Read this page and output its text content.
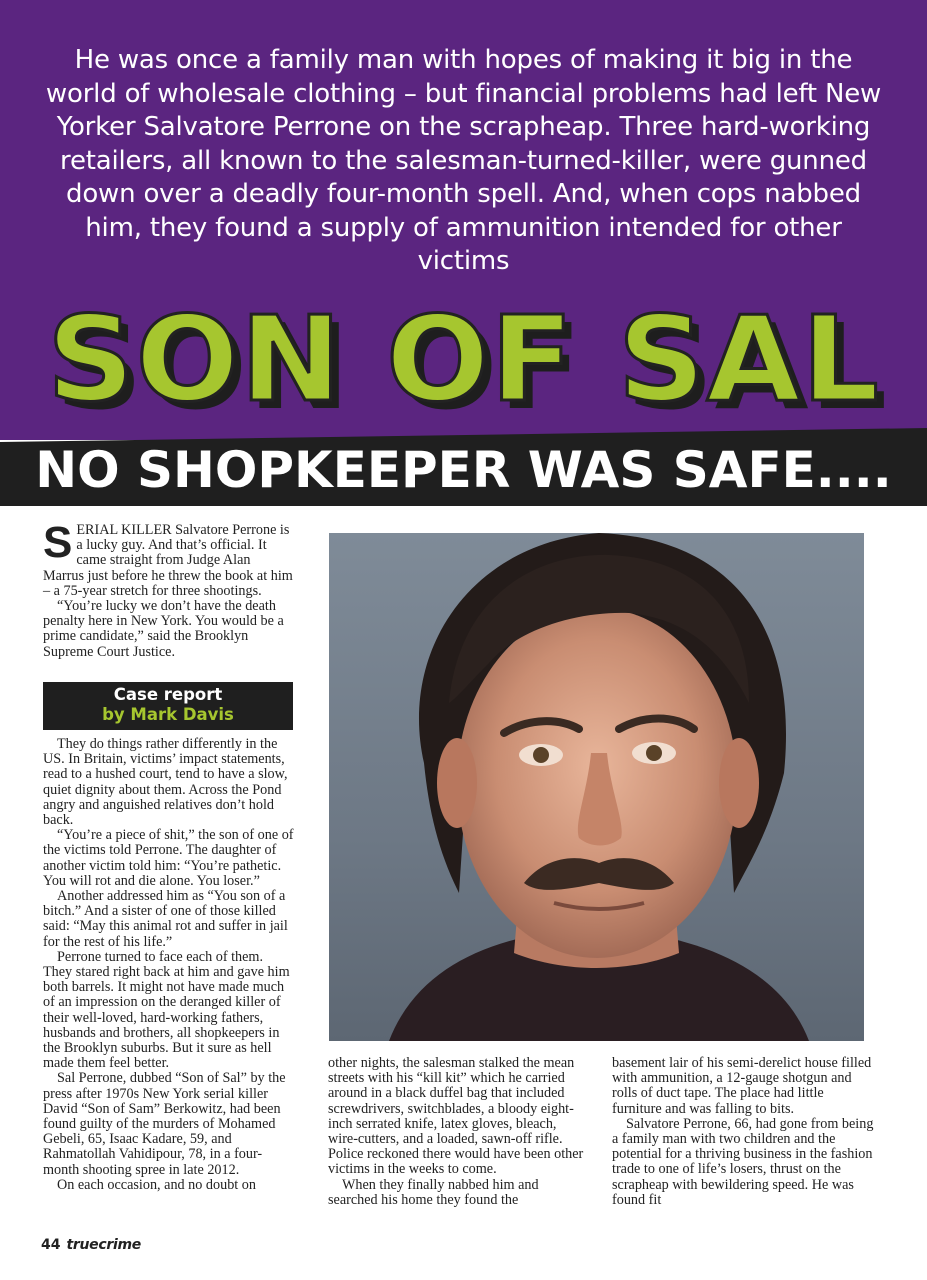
He was once a family man with hopes of making it big in the world of wholesale clothing – but financial problems had left New Yorker Salvatore Perrone on the scrapheap. Three hard-working retailers, all known to the salesman-turned-killer, were gunned down over a deadly four-month spell. And, when cops nabbed him, they found a supply of ammunition intended for other victims
SON OF SAL
NO SHOPKEEPER WAS SAFE....

SERIAL KILLER Salvatore Perrone is a lucky guy. And that’s official. It came straight from Judge Alan Marrus just before he threw the book at him – a 75-year stretch for three shootings.

“You’re lucky we don’t have the death penalty here in New York. You would be a prime candidate,” said the Brooklyn Supreme Court Justice.

Case report
by Mark Davis

They do things rather differently in the US. In Britain, victims’ impact statements, read to a hushed court, tend to have a slow, quiet dignity about them. Across the Pond angry and anguished relatives don’t hold back.

“You’re a piece of shit,” the son of one of the victims told Perrone. The daughter of another victim told him: “You’re pathetic. You will rot and die alone. You loser.”

Another addressed him as “You son of a bitch.” And a sister of one of those killed said: “May this animal rot and suffer in jail for the rest of his life.”

Perrone turned to face each of them. They stared right back at him and gave him both barrels. It might not have made much of an impression on the deranged killer of their well-loved, hard-working fathers, husbands and brothers, all shopkeepers in the Brooklyn suburbs. But it sure as hell made them feel better.

Sal Perrone, dubbed “Son of Sal” by the press after 1970s New York serial killer David “Son of Sam” Berkowitz, had been found guilty of the murders of Mohamed Gebeli, 65, Isaac Kadare, 59, and Rahmatollah Vahidipour, 78, in a four-month shooting spree in late 2012.

On each occasion, and no doubt on

other nights, the salesman stalked the mean streets with his “kill kit” which he carried around in a black duffel bag that included screwdrivers, switchblades, a bloody eight-inch serrated knife, latex gloves, bleach, wire-cutters, and a loaded, sawn-off rifle. Police reckoned there would have been other victims in the weeks to come.

When they finally nabbed him and searched his home they found the

basement lair of his semi-derelict house filled with ammunition, a 12-gauge shotgun and rolls of duct tape. The place had little furniture and was falling to bits.

Salvatore Perrone, 66, had gone from being a family man with two children and the potential for a thriving business in the fashion trade to one of life’s losers, thrust on the scrapheap with bewildering speed. He was found fit

44 truecrime
